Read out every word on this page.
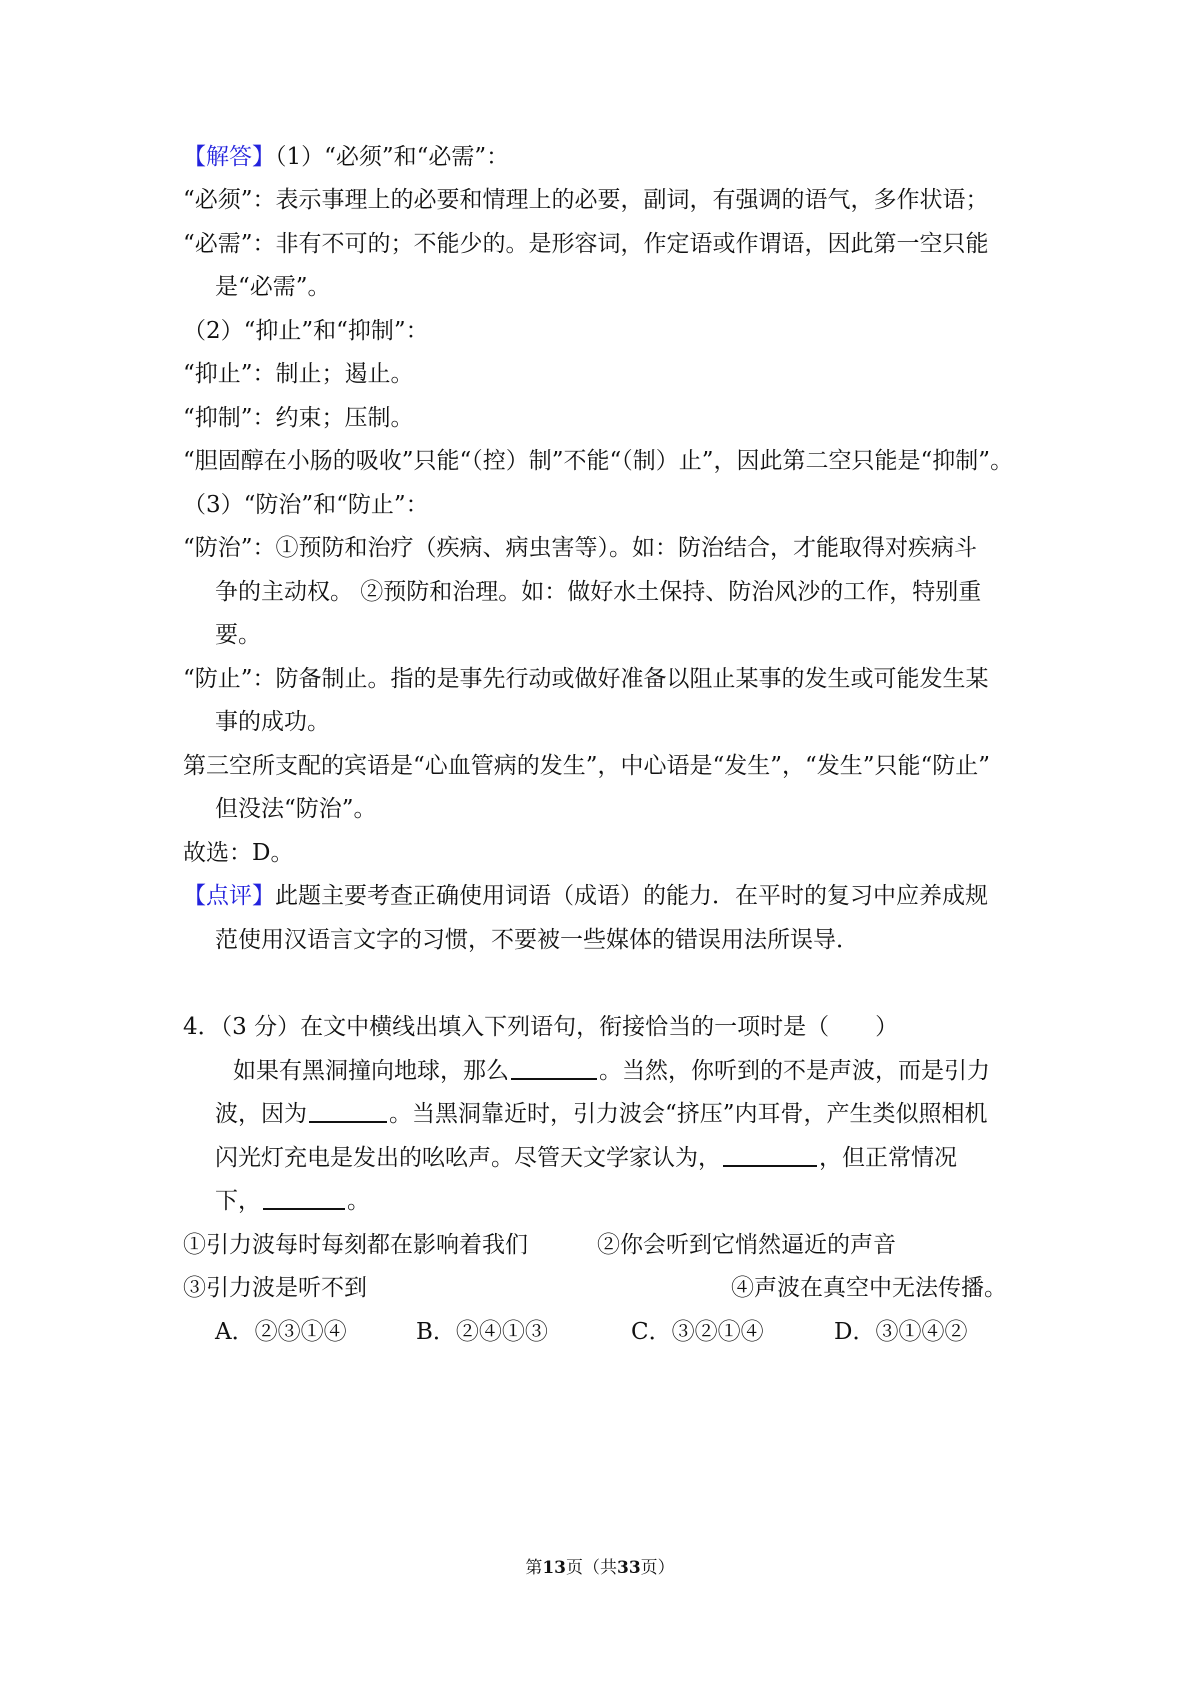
【解答】（1）“必须”和“必需”：
“必须”：表示事理上的必要和情理上的必要，副词，有强调的语气，多作状语；
“必需”：非有不可的；不能少的。是形容词，作定语或作谓语，因此第一空只能
是“必需”。
（2）“抑止”和“抑制”：
“抑止”：制止；遏止。
“抑制”：约束；压制。
“胆固醇在小肠的吸收”只能“（控）制”不能“（制）止”，因此第二空只能是“抑制”。
（3）“防治”和“防止”：
“防治”：①预防和治疗（疾病、病虫害等）。如：防治结合，才能取得对疾病斗
争的主动权。 ②预防和治理。如：做好水土保持、防治风沙的工作，特别重
要。
“防止”：防备制止。指的是事先行动或做好准备以阻止某事的发生或可能发生某
事的成功。
第三空所支配的宾语是“心血管病的发生”，中心语是“发生”，“发生”只能“防止”
但没法“防治”。
故选：D。
【点评】此题主要考查正确使用词语（成语）的能力．在平时的复习中应养成规
范使用汉语言文字的习惯，不要被一些媒体的错误用法所误导．
4．（3 分）在文中横线出填入下列语句，衔接恰当的一项时是（　　）
如果有黑洞撞向地球，那么	。当然，你听到的不是声波，而是引力
波，因为	。当黑洞靠近时，引力波会“挤压”内耳骨，产生类似照相机
闪光灯充电是发出的吆吆声。尽管天文学家认为，	，但正常情况
下，	。
①引力波每时每刻都在影响着我们	②你会听到它悄然逼近的声音
③引力波是听不到	④声波在真空中无法传播。
A．②③①④	B．②④①③	C．③②①④	D．③①④②
第13页（共33页）
